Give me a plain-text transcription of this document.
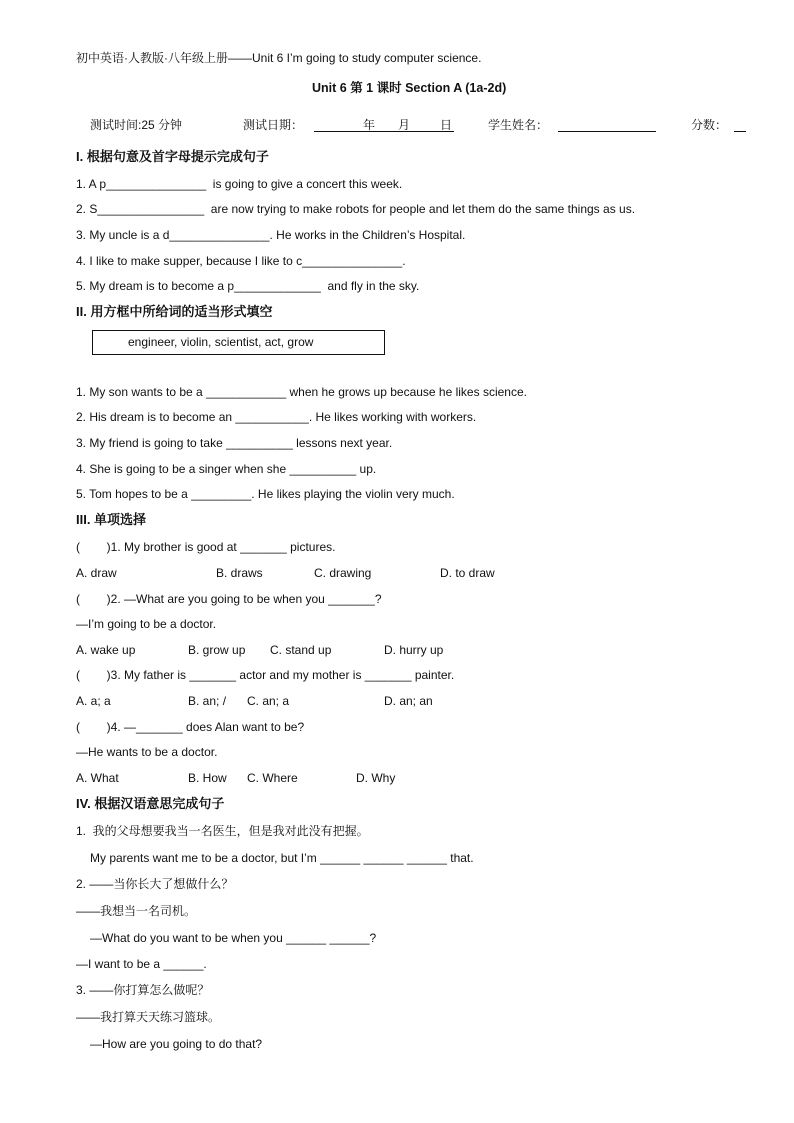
初中英语·人教版·八年级上册——Unit 6 I’m going to study computer science.
Unit 6 第 1 课时 Section A (1a-2d)
测试时间:25 分钟	测试日期：	年 月 日	学生姓名：	分数：
I. 根据句意及首字母提示完成句子
1. A p_______________  is going to give a concert this week.
2. S________________  are now trying to make robots for people and let them do the same things as us.
3. My uncle is a d_______________. He works in the Children’s Hospital.
4. I like to make supper, because I like to c_______________.
5. My dream is to become a p_____________  and fly in the sky.
II. 用方框中所给词的适当形式填空
engineer, violin, scientist, act, grow
1. My son wants to be a ____________ when he grows up because he likes science.
2. His dream is to become an ___________. He likes working with workers.
3. My friend is going to take __________ lessons next year.
4. She is going to be a singer when she __________ up.
5. Tom hopes to be a _________. He likes playing the violin very much.
III. 单项选择
(        )1. My brother is good at _______ pictures.
A. draw	B. draws	C. drawing	D. to draw
(        )2. —What are you going to be when you _______?
—I’m going to be a doctor.
A. wake up	B. grow up C. stand up	D. hurry up
(        )3. My father is _______ actor and my mother is _______ painter.
A. a; a	B. an; / C. an; a	D. an; an
(        )4. —_______ does Alan want to be?
—He wants to be a doctor.
A. What	B. How C. Where	D. Why
IV. 根据汉语意思完成句子
1.  我的父母想要我当一名医生，但是我对此没有把握。
My parents want me to be a doctor, but I’m ______ ______ ______ that.
2. ——当你长大了想做什么？
——我想当一名司机。
—What do you want to be when you ______ ______?
—I want to be a ______.
3. ——你打算怎么做呢？
——我打算天天练习篮球。
—How are you going to do that?
